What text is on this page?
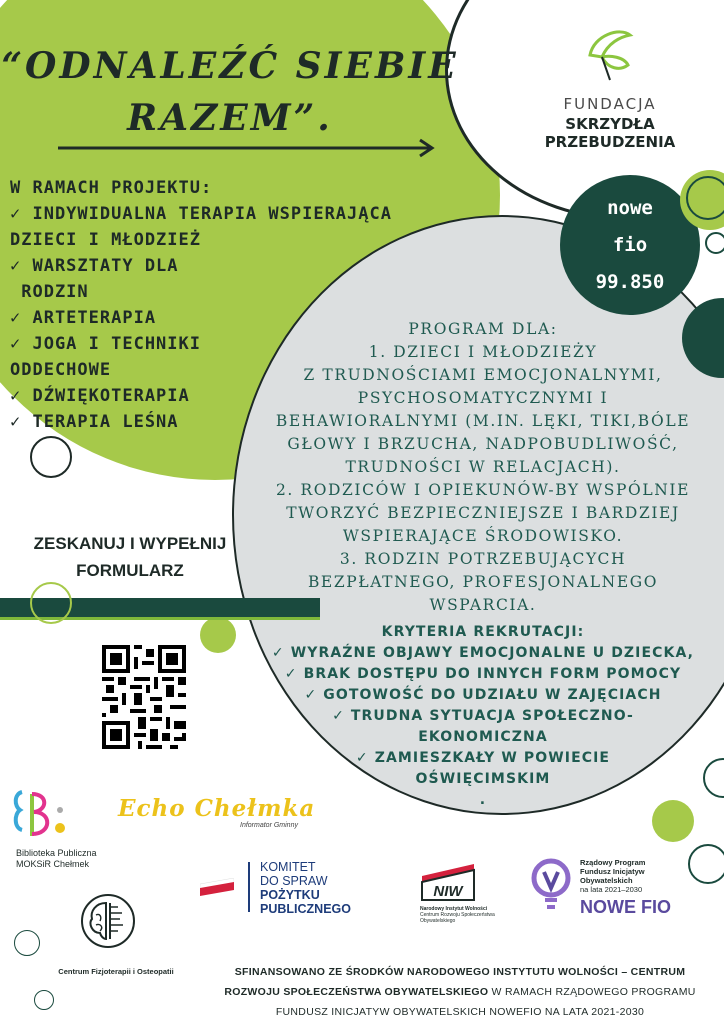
“ODNALEŹĆ SIEBIE
RAZEM”.
W RAMACH PROJEKTU:
✓ INDYWIDUALNA TERAPIA WSPIERAJĄCA
DZIECI I MŁODZIEŻ
✓ WARSZTATY DLA
RODZIN
✓ ARTETERAPIA
✓ JOGA I TECHNIKI
ODDECHOWE
✓ DŹWIĘKOTERAPIA
✓ TERAPIA LEŚNA
FUNDACJA
SKRZYDŁA PRZEBUDZENIA
nowe
fio
99.850
PROGRAM DLA:
1. DZIECI I MŁODZIEŻY
Z TRUDNOŚCIAMI EMOCJONALNYMI,
PSYCHOSOMATYCZNYMI I
BEHAWIORALNYMI (M.IN. LĘKI, TIKI,BÓLE
GŁOWY I BRZUCHA, NADPOBUDLIWOŚĆ,
TRUDNOŚCI W RELACJACH).
2. RODZICÓW I OPIEKUNÓW-BY WSPÓLNIE
TWORZYĆ BEZPIECZNIEJSZE I BARDZIEJ
WSPIERAJĄCE ŚRODOWISKO.
3. RODZIN POTRZEBUJĄCYCH
BEZPŁATNEGO, PROFESJONALNEGO
WSPARCIA.
KRYTERIA REKRUTACJI:
✓ WYRAŹNE OBJAWY EMOCJONALNE U DZIECKA,
✓ BRAK DOSTĘPU DO INNYCH FORM POMOCY
✓ GOTOWOŚĆ DO UDZIAŁU W ZAJĘCIACH
✓ TRUDNA SYTUACJA SPOŁECZNO-
EKONOMICZNA
✓ ZAMIESZKAŁY W POWIECIE
OŚWIĘCIMSKIM
.
ZESKANUJ I WYPEŁNIJ
FORMULARZ
Biblioteka Publiczna
MOKSiR Chełmek
Echo Chełmka
Informator Gminny
KOMITET
DO SPRAW
POŻYTKU
PUBLICZNEGO
NIW
Narodowy Instytut Wolności
Centrum Rozwoju Społeczeństwa Obywatelskiego
Rządowy Program
Fundusz Inicjatyw
Obywatelskich
na lata 2021–2030
NOWE FIO
Centrum Fizjoterapii i Osteopatii	SFINANSOWANO ZE ŚRODKÓW NARODOWEGO INSTYTUTU WOLNOŚCI – CENTRUM
ROZWOJU SPOŁECZEŃSTWA OBYWATELSKIEGO W RAMACH RZĄDOWEGO PROGRAMU
FUNDUSZ INICJATYW OBYWATELSKICH NOWEFIO NA LATA 2021-2030
